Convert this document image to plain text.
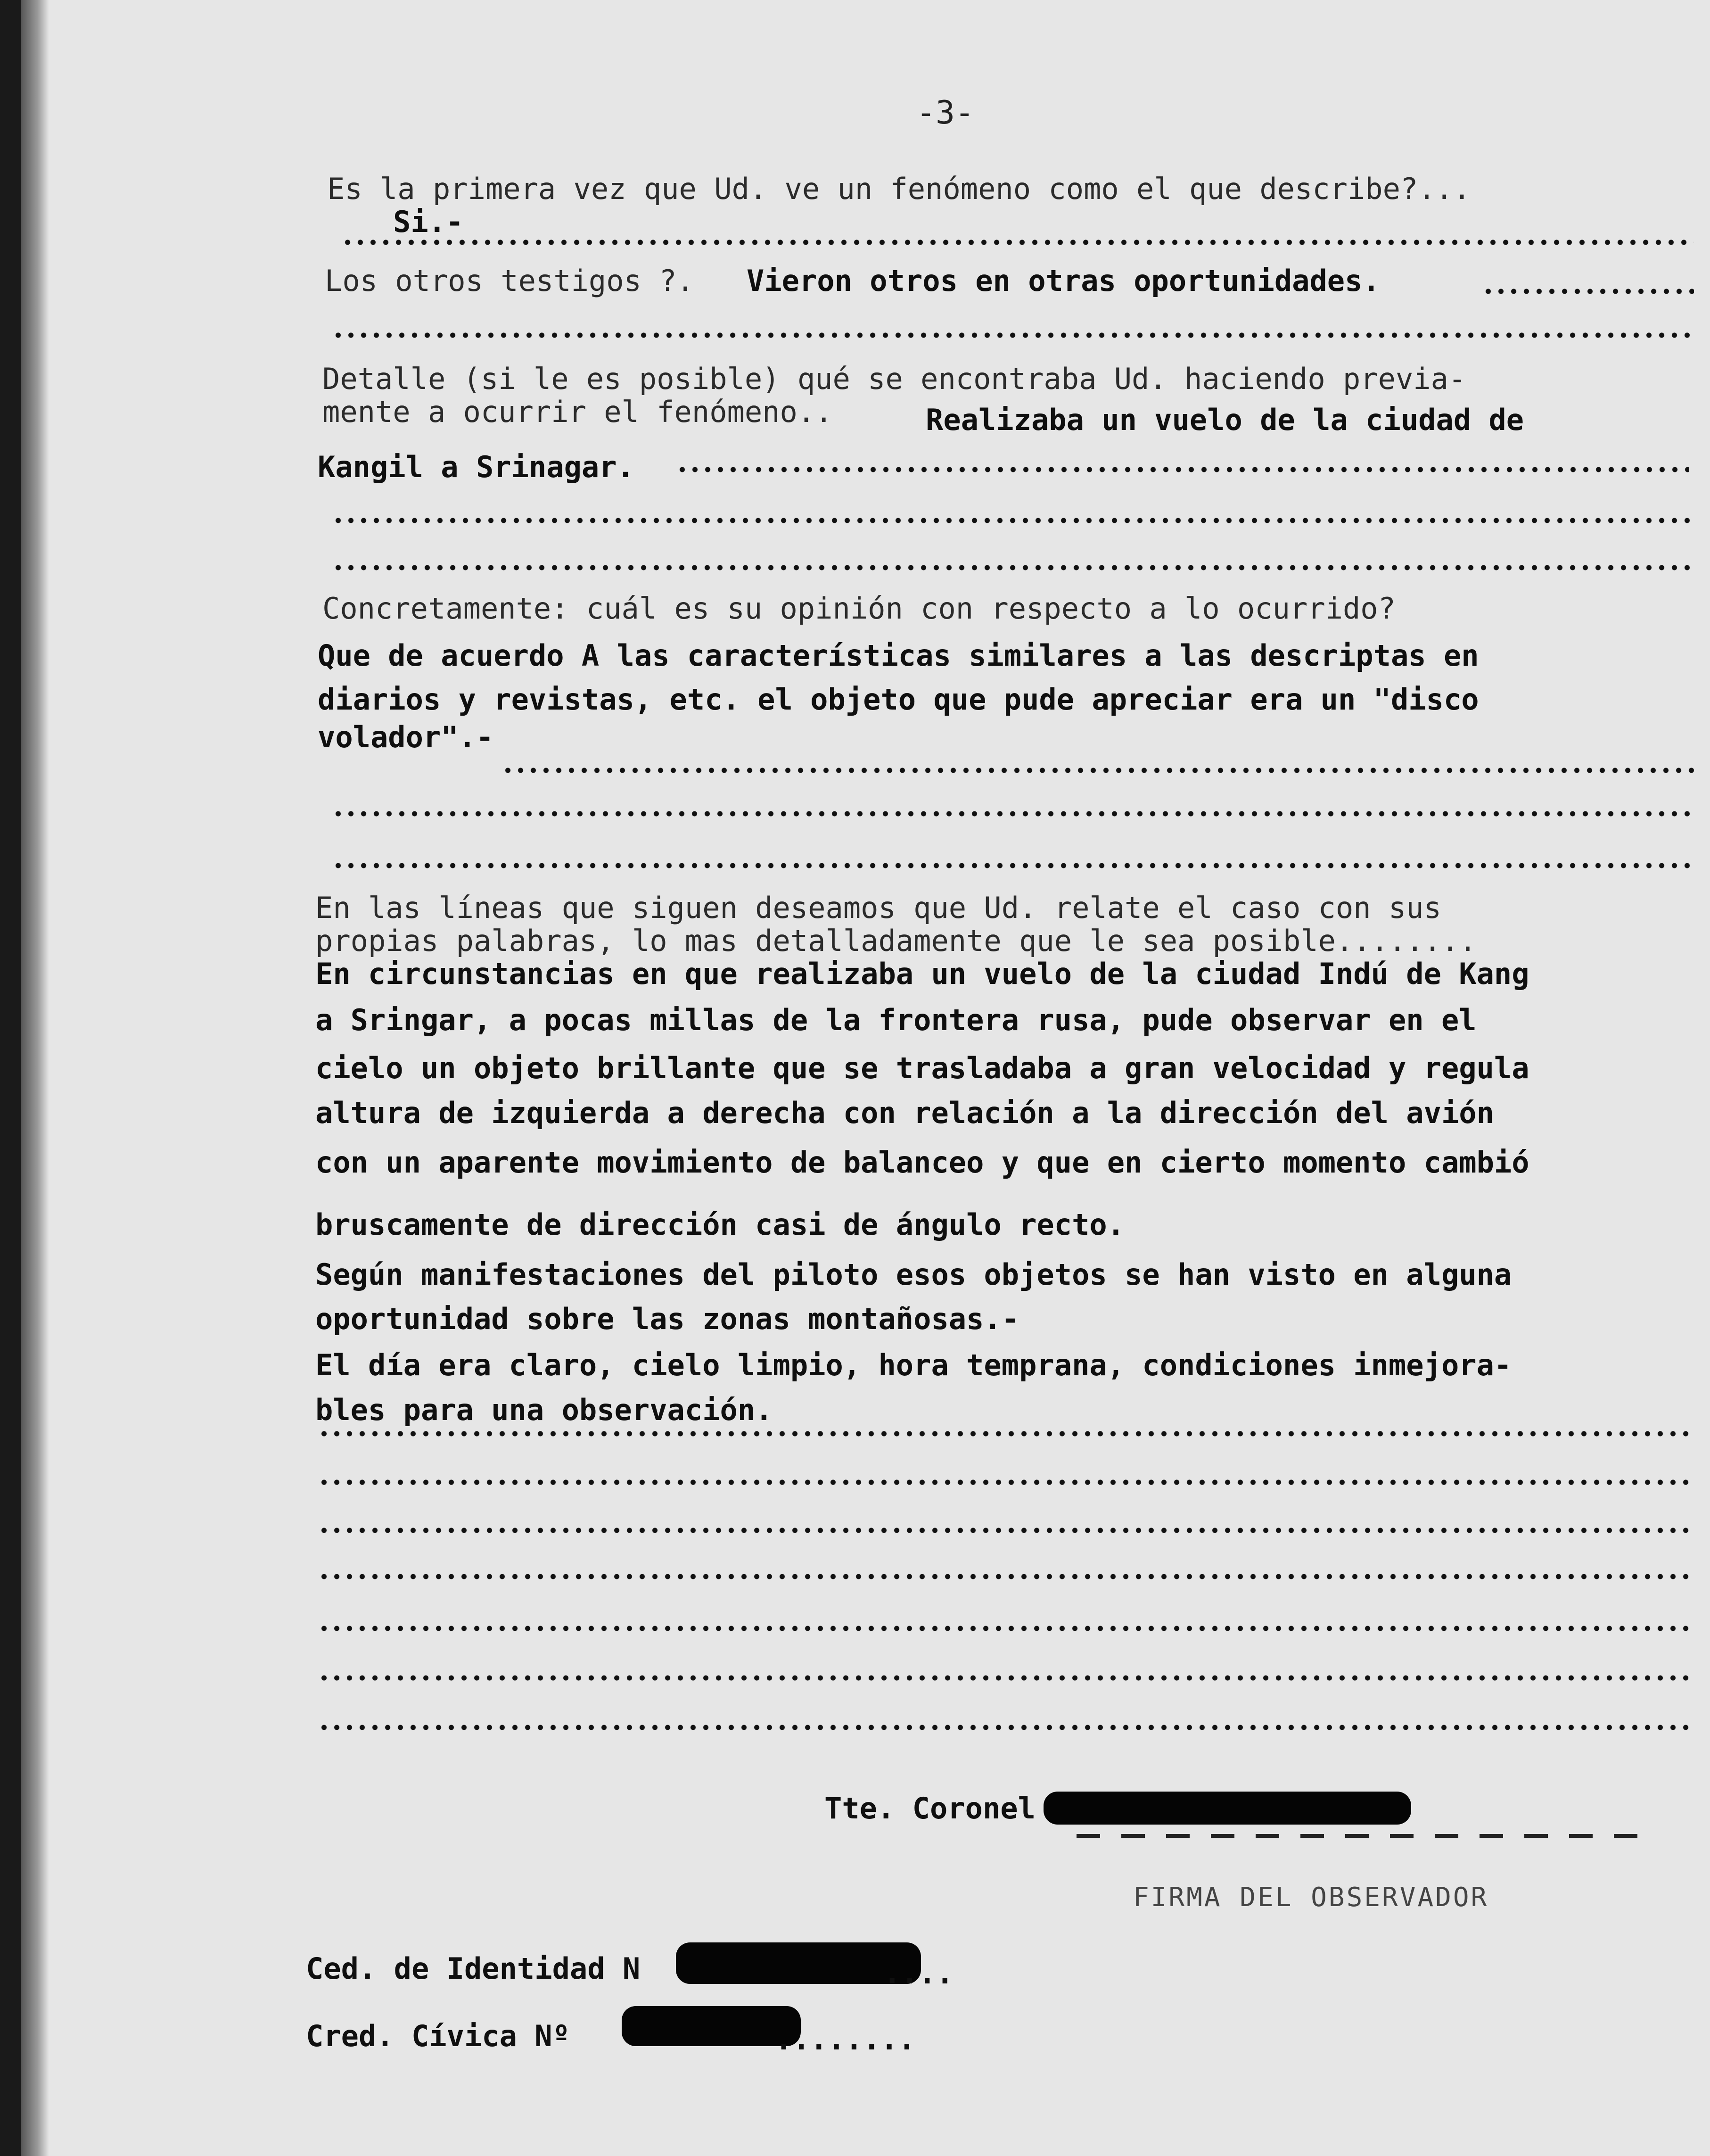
-3-
Es la primera vez que Ud. ve un fenómeno como el que describe?...
Si.-
Los otros testigos ?. Vieron otros en otras oportunidades.
Detalle (si le es posible) qué se encontraba Ud. haciendo previa-
mente a ocurrir el fenómeno..	Realizaba un vuelo de la ciudad de
Kangil a Srinagar.
Concretamente: cuál es su opinión con respecto a lo ocurrido?
Que de acuerdo A las características similares a las descriptas en
diarios y revistas, etc. el objeto que pude apreciar era un "disco
volador".-
En las líneas que siguen deseamos que Ud. relate el caso con sus
propias palabras, lo mas detalladamente que le sea posible........
En circunstancias en que realizaba un vuelo de la ciudad Indú de Kang
a Sringar, a pocas millas de la frontera rusa, pude observar en el
cielo un objeto brillante que se trasladaba a gran velocidad y regula
altura de izquierda a derecha con relación a la dirección del avión
con un aparente movimiento de balanceo y que en cierto momento cambió
bruscamente de dirección casi de ángulo recto.
Según manifestaciones del piloto esos objetos se han visto en alguna
oportunidad sobre las zonas montañosas.-
El día era claro, cielo limpio, hora temprana, condiciones inmejora-
bles para una observación.
Tte. Coronel
FIRMA DEL OBSERVADOR
Ced. de Identidad N	....
Cred. Cívica Nº	........
